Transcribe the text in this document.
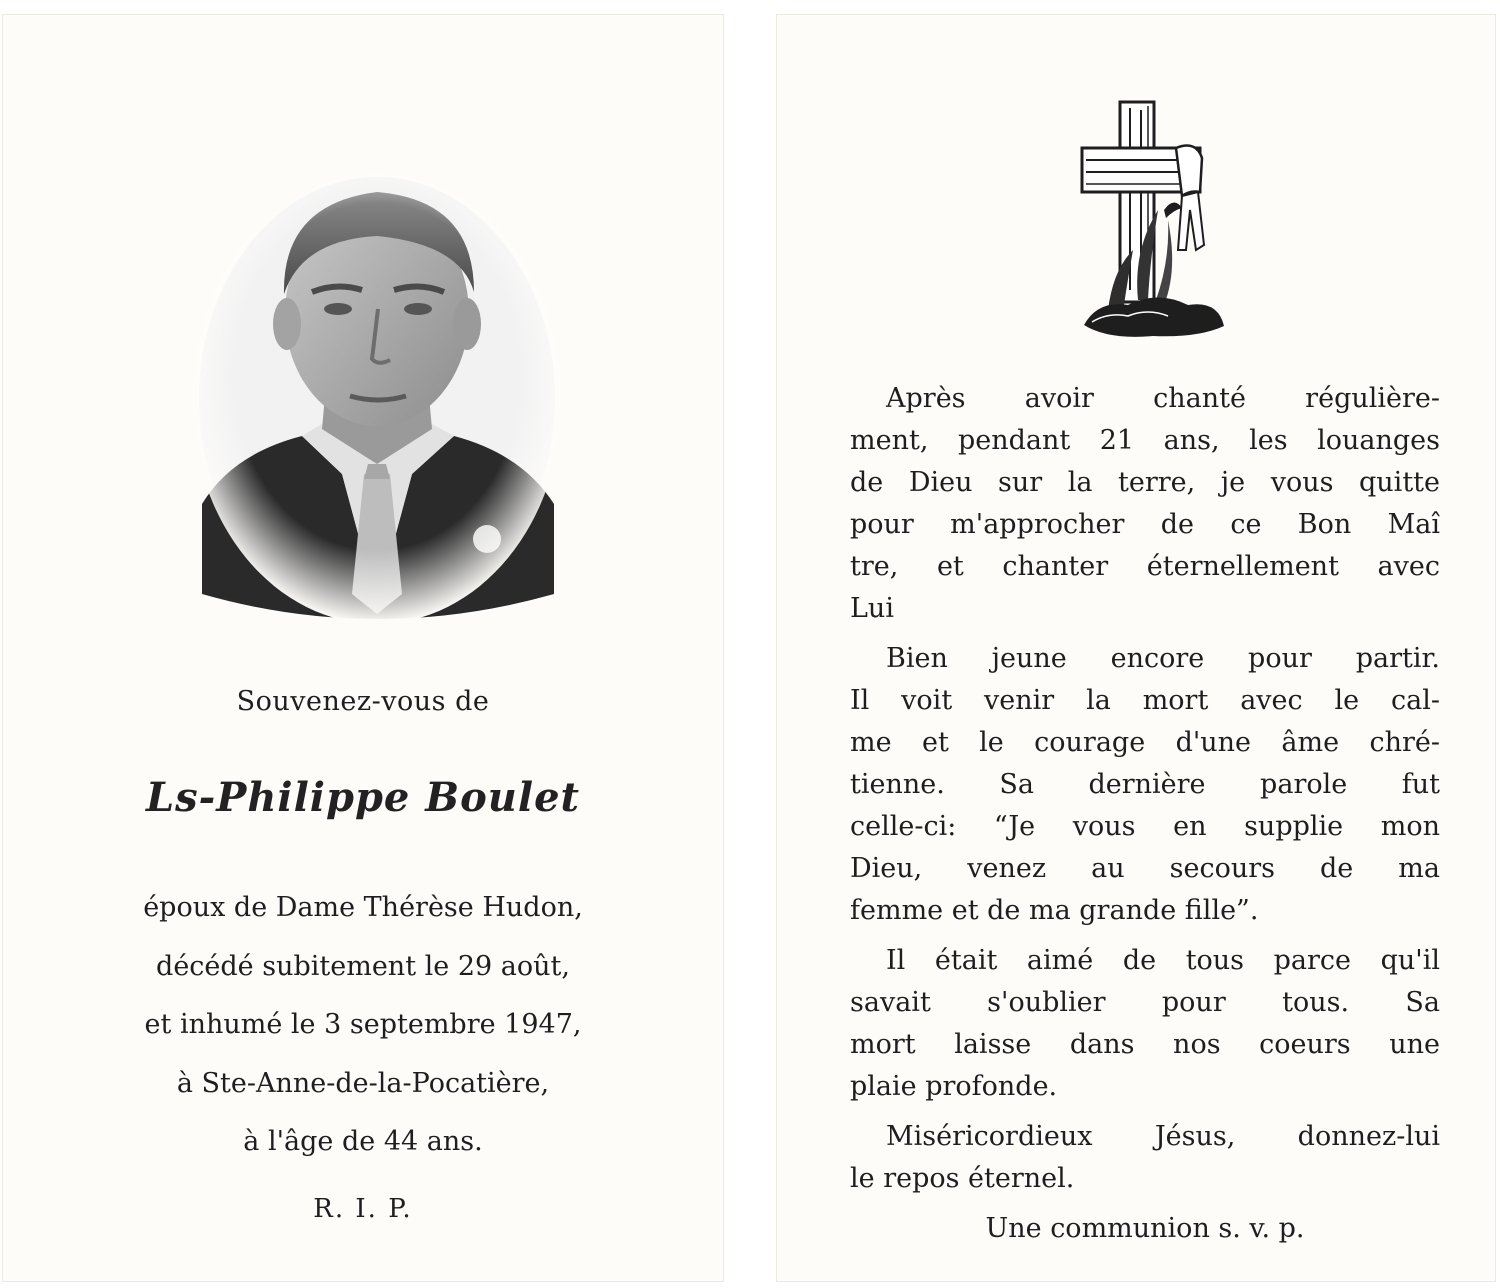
Souvenez-vous de
Ls-Philippe Boulet
époux de Dame Thérèse Hudon,
décédé subitement le 29 août,
et inhumé le 3 septembre 1947,
à Ste-Anne-de-la-Pocatière,
à l'âge de 44 ans.
R. I. P.
Après avoir chanté régulière-
ment, pendant 21 ans, les louanges
de Dieu sur la terre, je vous quitte
pour m'approcher de ce Bon Maî
tre, et chanter éternellement avec
Lui
Bien jeune encore pour partir.
Il voit venir la mort avec le cal-
me et le courage d'une âme chré-
tienne. Sa dernière parole fut
celle-ci: “Je vous en supplie mon
Dieu, venez au secours de ma
femme et de ma grande fille”.
Il était aimé de tous parce qu'il
savait s'oublier pour tous. Sa
mort laisse dans nos coeurs une
plaie profonde.
Miséricordieux Jésus, donnez-lui
le repos éternel.
Une communion s. v. p.
